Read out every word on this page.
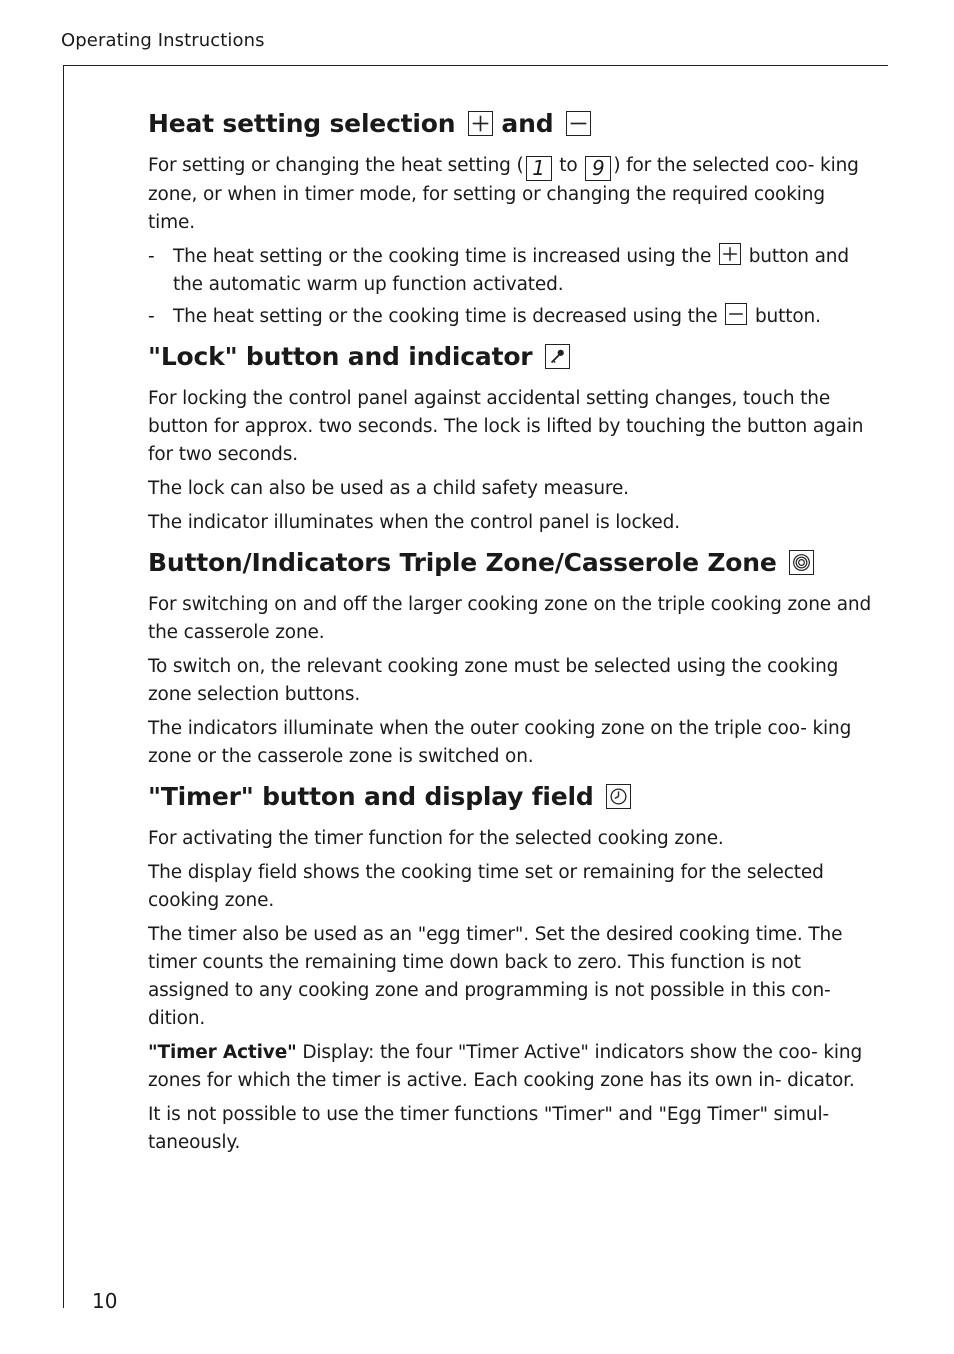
Operating Instructions
Heat setting selection and

For setting or changing the heat setting ( 1 to 9 ) for the selected coo- king zone, or when in timer mode, for setting or changing the required cooking time.

- The heat setting or the cooking time is increased using the button and the automatic warm up function activated.
- The heat setting or the cooking time is decreased using the button.
"Lock" button and indicator

For locking the control panel against accidental setting changes, touch the button for approx. two seconds. The lock is lifted by touching the button again for two seconds.

The lock can also be used as a child safety measure.

The indicator illuminates when the control panel is locked.

Button/Indicators Triple Zone/Casserole Zone

For switching on and off the larger cooking zone on the triple cooking zone and the casserole zone.

To switch on, the relevant cooking zone must be selected using the cooking zone selection buttons.

The indicators illuminate when the outer cooking zone on the triple coo- king zone or the casserole zone is switched on.

"Timer" button and display field

For activating the timer function for the selected cooking zone.

The display field shows the cooking time set or remaining for the selected cooking zone.

The timer also be used as an "egg timer". Set the desired cooking time. The timer counts the remaining time down back to zero. This function is not assigned to any cooking zone and programming is not possible in this con- dition.

"Timer Active" Display: the four "Timer Active" indicators show the coo- king zones for which the timer is active. Each cooking zone has its own in- dicator.

It is not possible to use the timer functions "Timer" and "Egg Timer" simul- taneously.

10
